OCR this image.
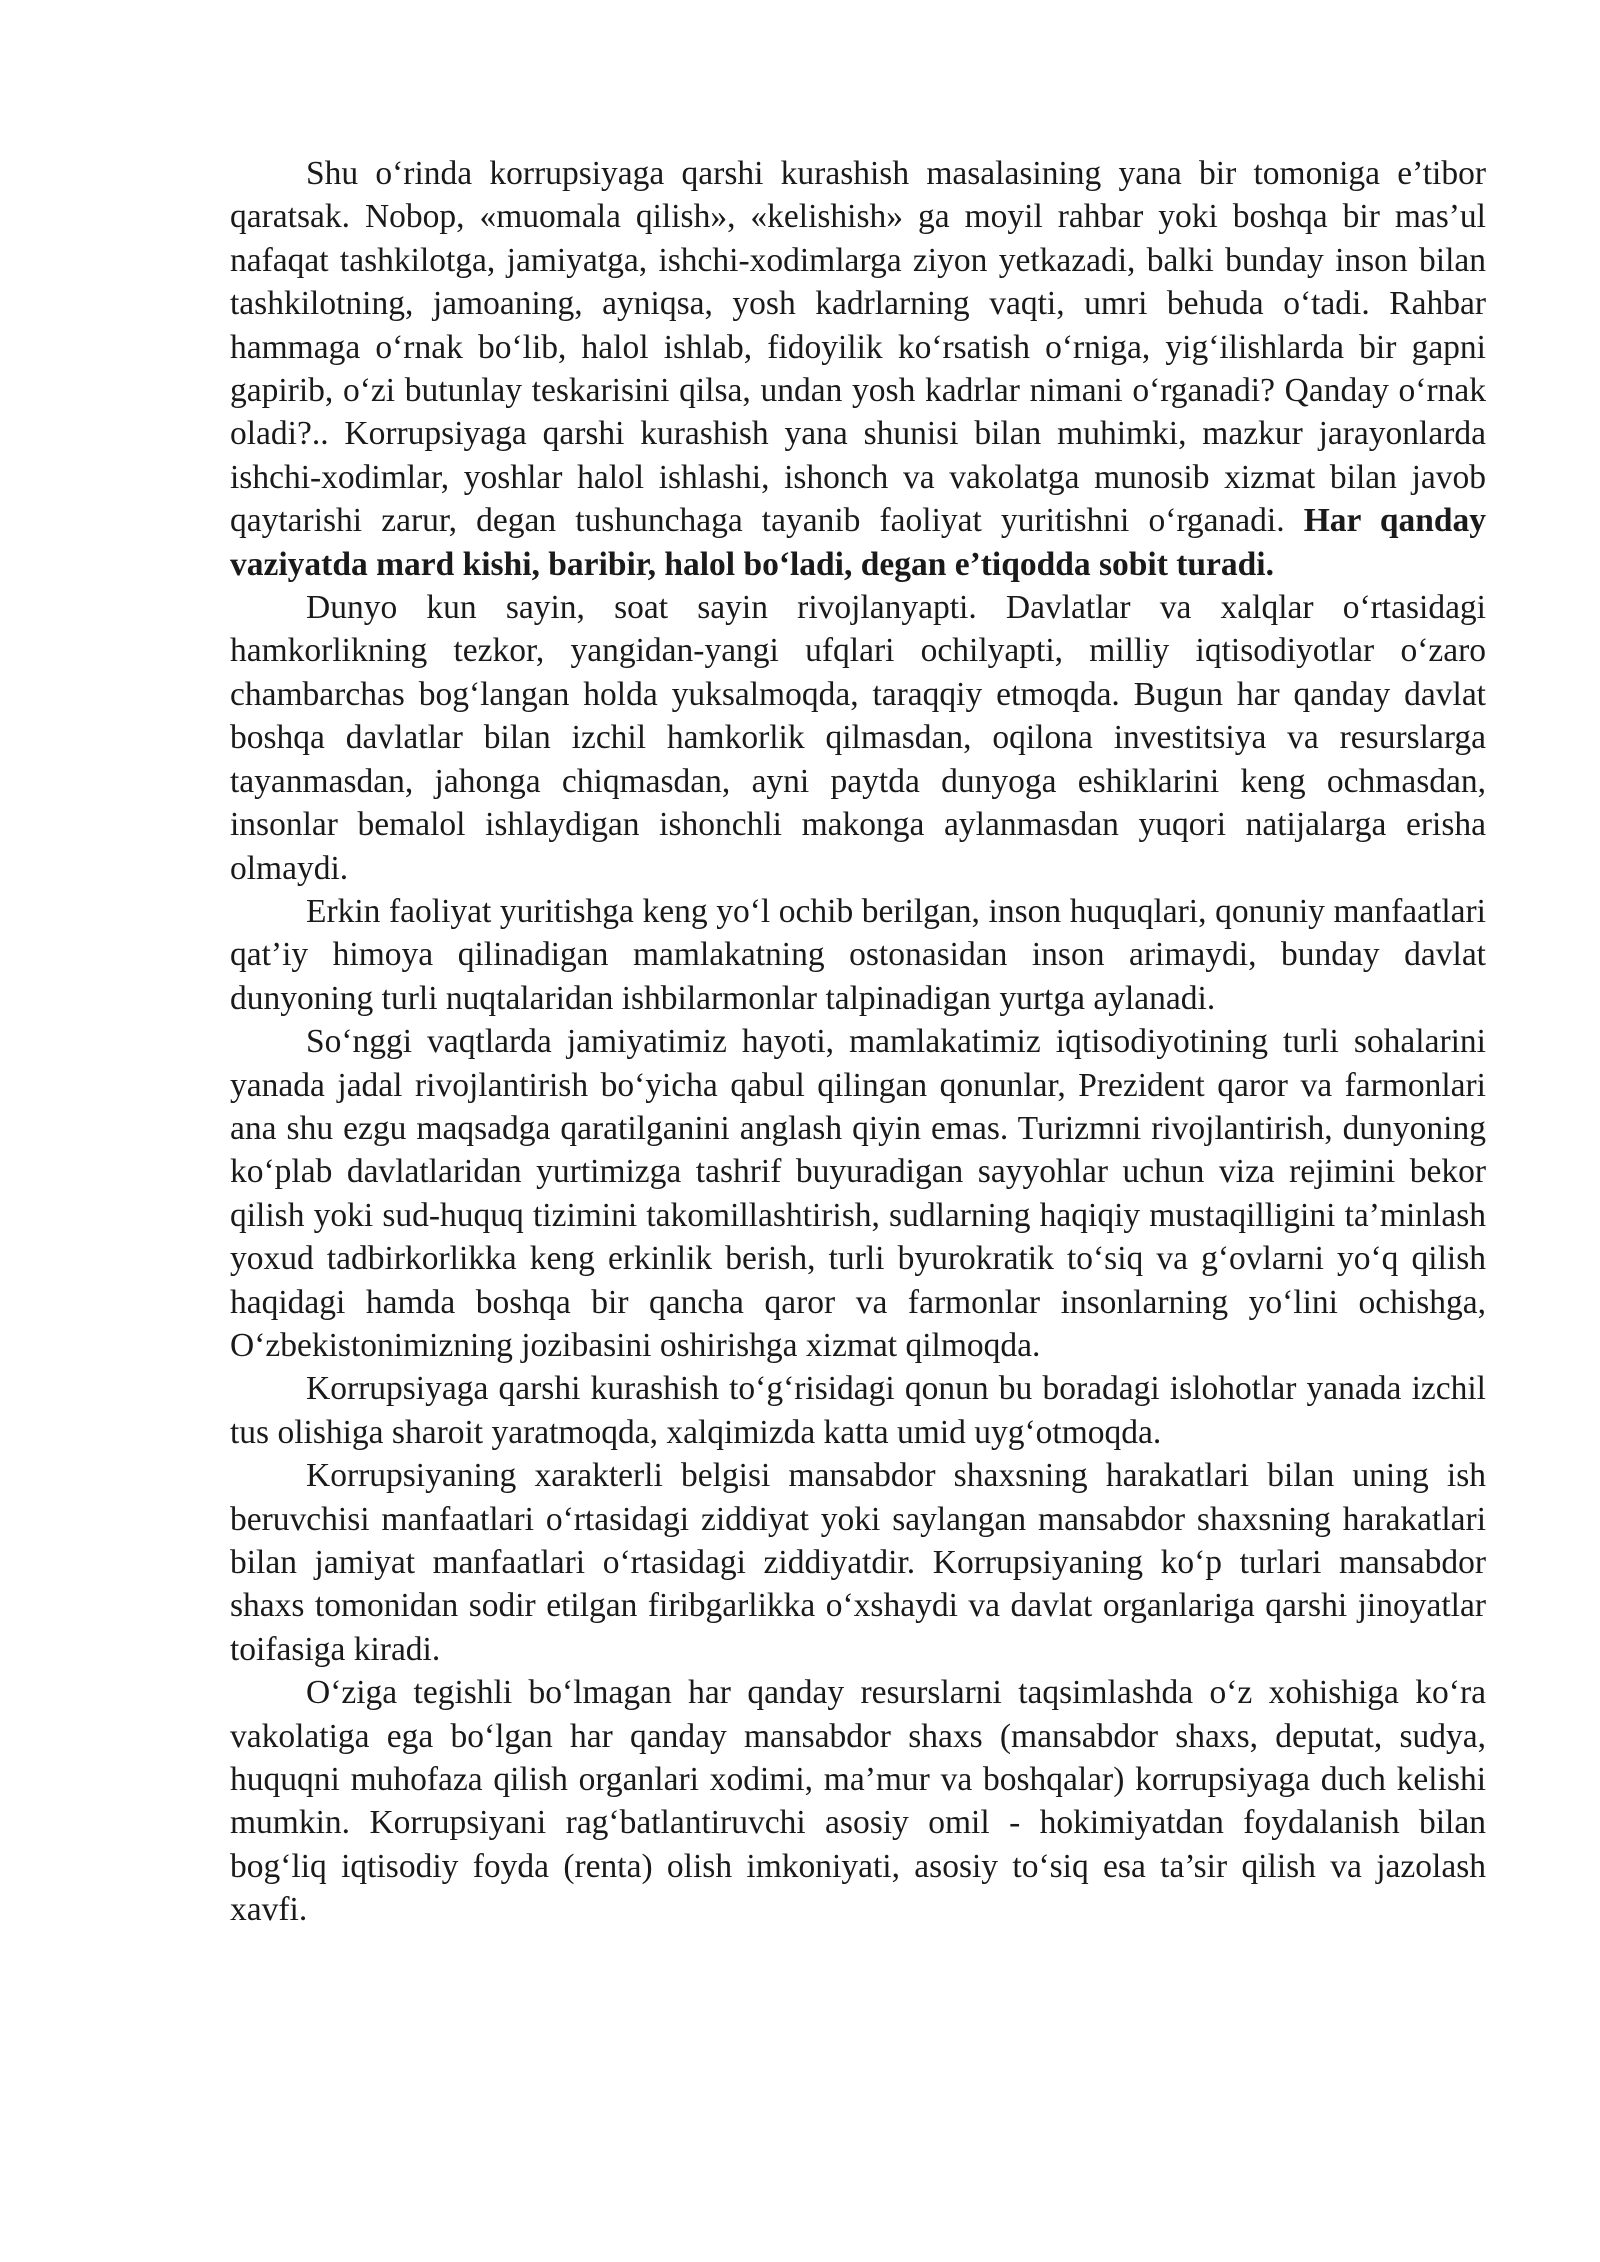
Shu o‘rinda korrupsiyaga qarshi kurashish masalasining yana bir tomoniga e’tibor qaratsak. Nobop, «muomala qilish», «kelishish» ga moyil rahbar yoki boshqa bir mas’ul nafaqat tashkilotga, jamiyatga, ishchi-xodimlarga ziyon yetkazadi, balki bunday inson bilan tashkilotning, jamoaning, ayniqsa, yosh kadrlarning vaqti, umri behuda o‘tadi. Rahbar hammaga o‘rnak bo‘lib, halol ishlab, fidoyilik ko‘rsatish o‘rniga, yig‘ilishlarda bir gapni gapirib, o‘zi butunlay teskarisini qilsa, undan yosh kadrlar nimani o‘rganadi? Qanday o‘rnak oladi?.. Korrupsiyaga qarshi kurashish yana shunisi bilan muhimki, mazkur jarayonlarda ishchi-xodimlar, yoshlar halol ishlashi, ishonch va vakolatga munosib xizmat bilan javob qaytarishi zarur, degan tushunchaga tayanib faoliyat yuritishni o‘rganadi. Har qanday vaziyatda mard kishi, baribir, halol bo‘ladi, degan e’tiqodda sobit turadi.

Dunyo kun sayin, soat sayin rivojlanyapti. Davlatlar va xalqlar o‘rtasidagi hamkorlikning tezkor, yangidan-yangi ufqlari ochilyapti, milliy iqtisodiyotlar o‘zaro chambarchas bog‘langan holda yuksalmoqda, taraqqiy etmoqda. Bugun har qanday davlat boshqa davlatlar bilan izchil hamkorlik qilmasdan, oqilona investitsiya va resurslarga tayanmasdan, jahonga chiqmasdan, ayni paytda dunyoga eshiklarini keng ochmasdan, insonlar bemalol ishlaydigan ishonchli makonga aylanmasdan yuqori natijalarga erisha olmaydi.

Erkin faoliyat yuritishga keng yo‘l ochib berilgan, inson huquqlari, qonuniy manfaatlari qat’iy himoya qilinadigan mamlakatning ostonasidan inson arimaydi, bunday davlat dunyoning turli nuqtalaridan ishbilarmonlar talpinadigan yurtga aylanadi.

So‘nggi vaqtlarda jamiyatimiz hayoti, mamlakatimiz iqtisodiyotining turli sohalarini yanada jadal rivojlantirish bo‘yicha qabul qilingan qonunlar, Prezident qaror va farmonlari ana shu ezgu maqsadga qaratilganini anglash qiyin emas. Turizmni rivojlantirish, dunyoning ko‘plab davlatlaridan yurtimizga tashrif buyuradigan sayyohlar uchun viza rejimini bekor qilish yoki sud-huquq tizimini takomillashtirish, sudlarning haqiqiy mustaqilligini ta’minlash yoxud tadbirkorlikka keng erkinlik berish, turli byurokratik to‘siq va g‘ovlarni yo‘q qilish haqidagi hamda boshqa bir qancha qaror va farmonlar insonlarning yo‘lini ochishga, O‘zbekistonimizning jozibasini oshirishga xizmat qilmoqda.

Korrupsiyaga qarshi kurashish to‘g‘risidagi qonun bu boradagi islohotlar yanada izchil tus olishiga sharoit yaratmoqda, xalqimizda katta umid uyg‘otmoqda.

Korrupsiyaning xarakterli belgisi mansabdor shaxsning harakatlari bilan uning ish beruvchisi manfaatlari o‘rtasidagi ziddiyat yoki saylangan mansabdor shaxsning harakatlari bilan jamiyat manfaatlari o‘rtasidagi ziddiyatdir. Korrupsiyaning ko‘p turlari mansabdor shaxs tomonidan sodir etilgan firibgarlikka o‘xshaydi va davlat organlariga qarshi jinoyatlar toifasiga kiradi.

O‘ziga tegishli bo‘lmagan har qanday resurslarni taqsimlashda o‘z xohishiga ko‘ra vakolatiga ega bo‘lgan har qanday mansabdor shaxs (mansabdor shaxs, deputat, sudya, huquqni muhofaza qilish organlari xodimi, ma’mur va boshqalar) korrupsiyaga duch kelishi mumkin. Korrupsiyani rag‘batlantiruvchi asosiy omil - hokimiyatdan foydalanish bilan bog‘liq iqtisodiy foyda (renta) olish imkoniyati, asosiy to‘siq esa ta’sir qilish va jazolash xavfi.
